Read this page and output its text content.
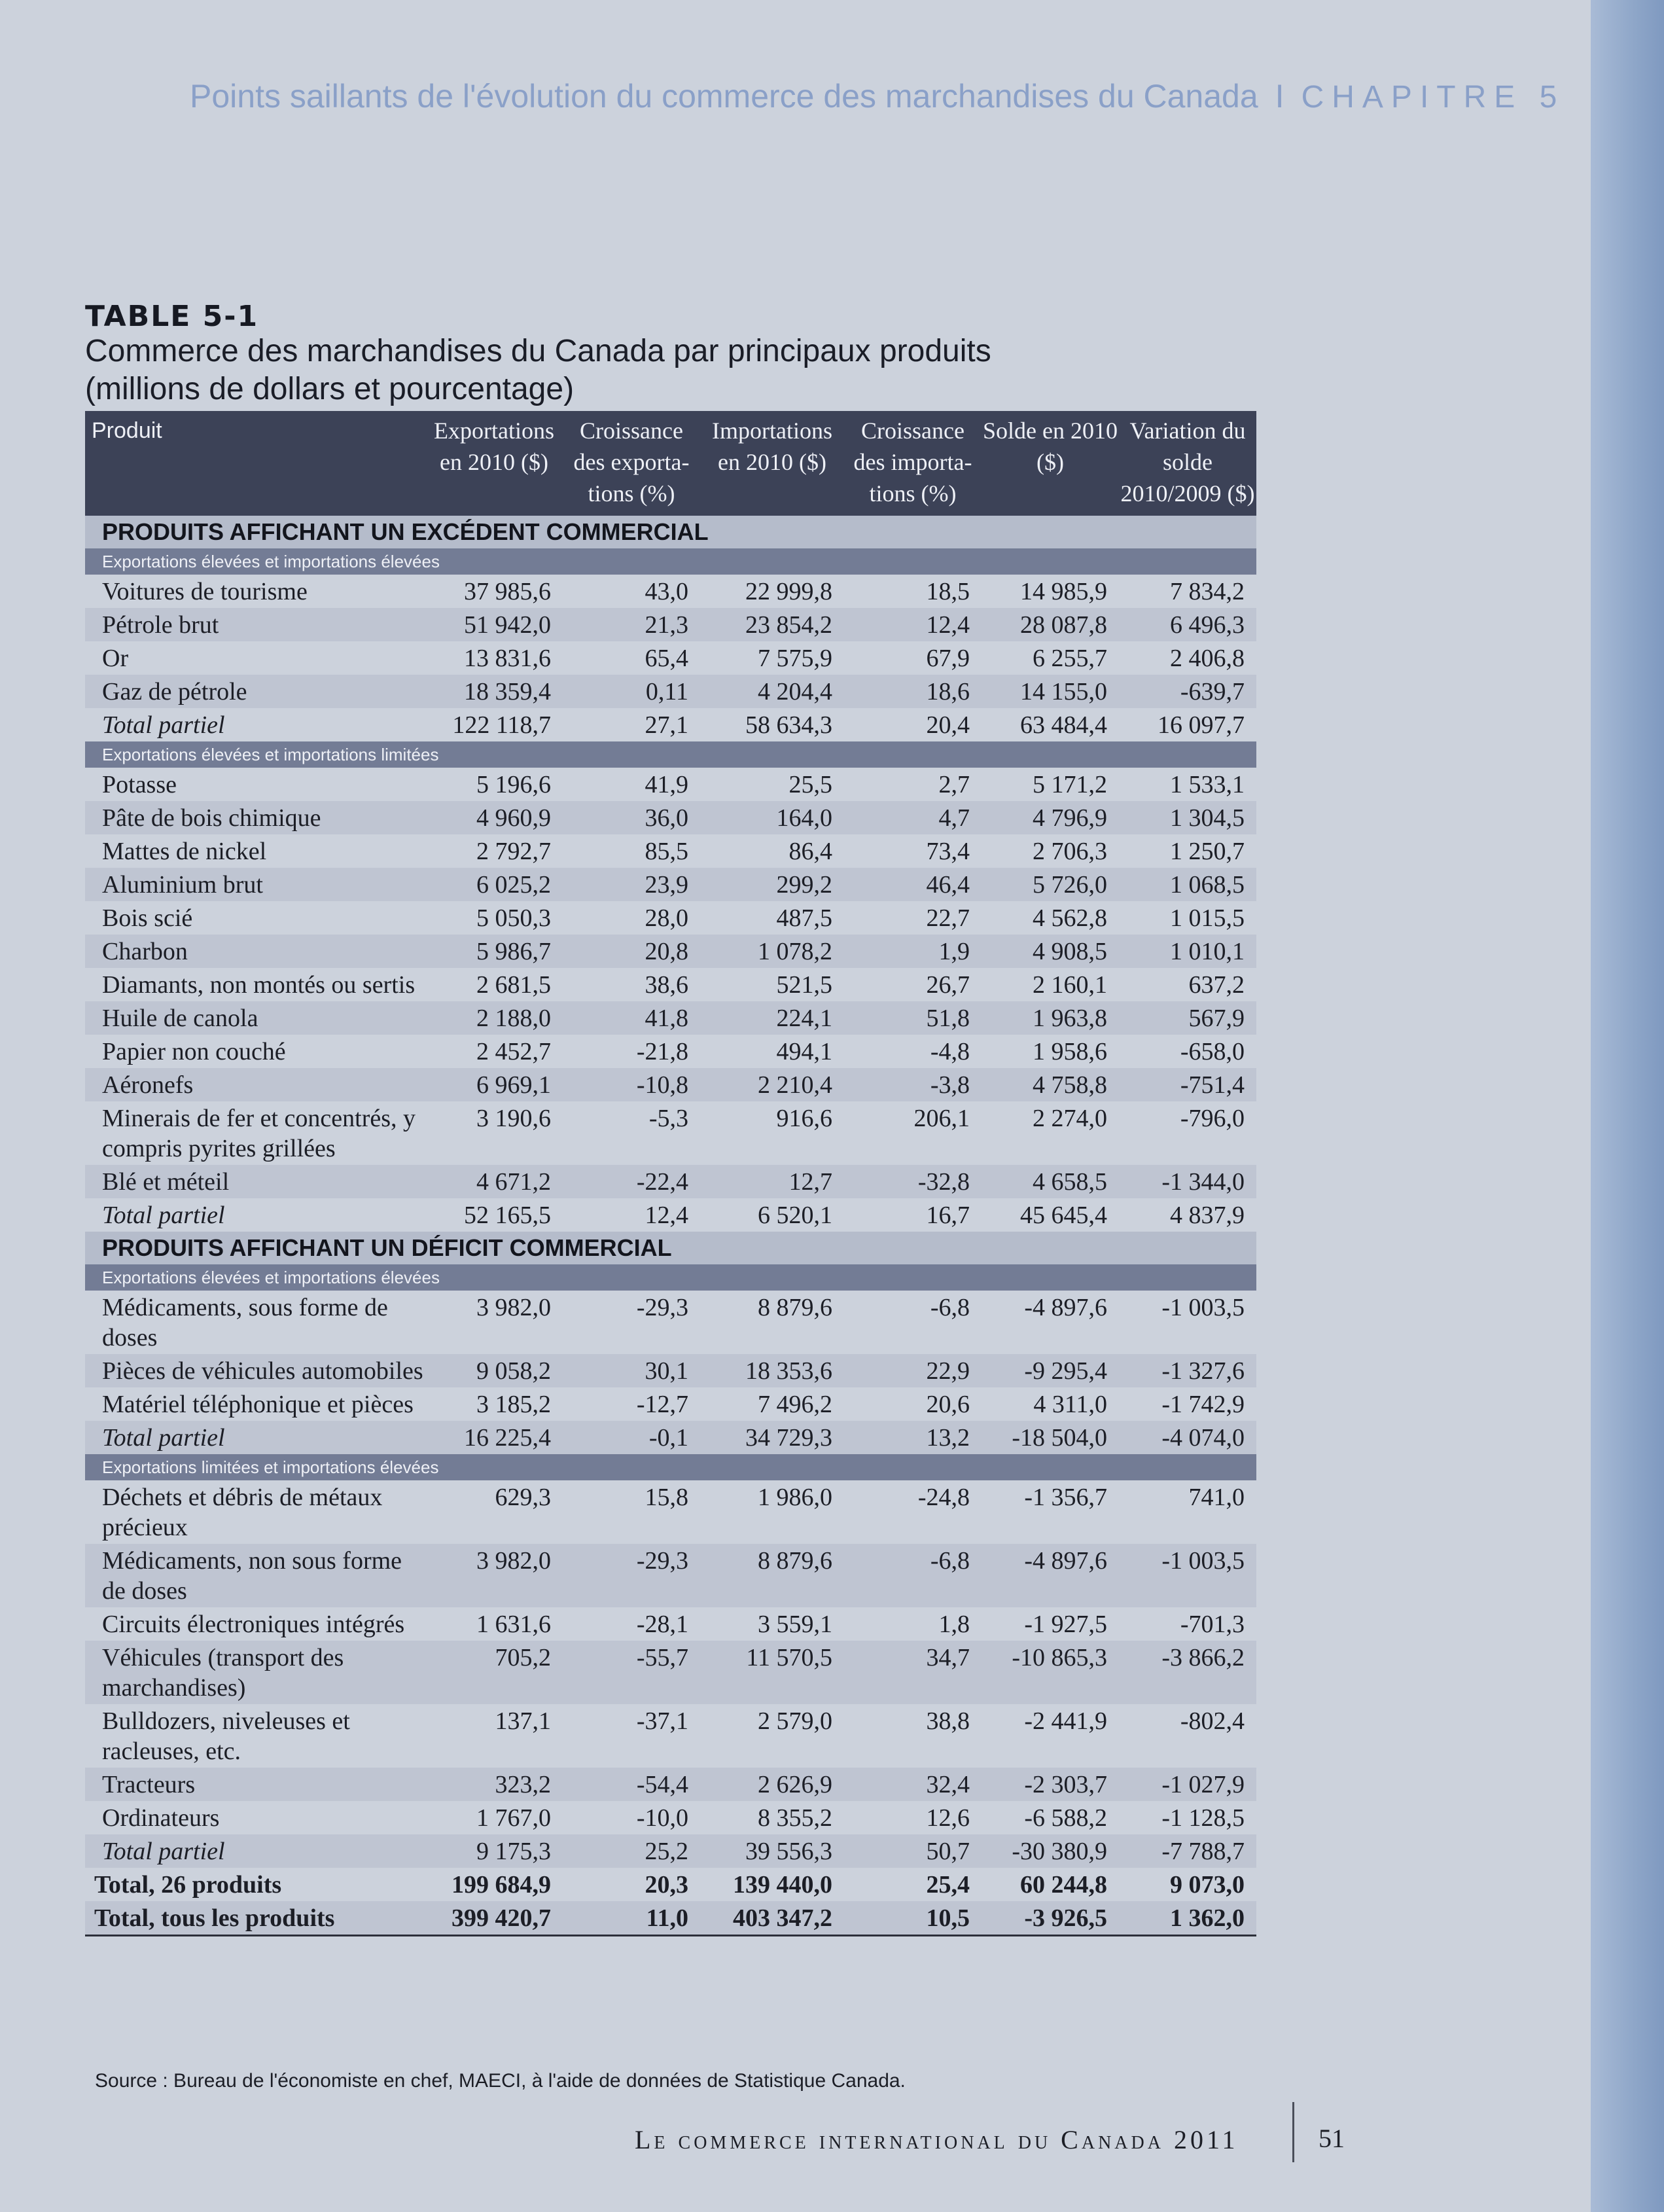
Points saillants de l'évolution du commerce des marchandises du Canada I CHAPITRE 5
TABLE 5-1
Commerce des marchandises du Canada par principaux produits
(millions de dollars et pourcentage)
Produit	Exportations en 2010 ($)	Croissance des exporta- tions (%)	Importations en 2010 ($)	Croissance des importa- tions (%)	Solde en 2010 ($)	Variation du solde 2010/2009 ($)
PRODUITS AFFICHANT UN EXCÉDENT COMMERCIAL						
Exportations élevées et importations élevées						
Voitures de tourisme	37 985,6	43,0	22 999,8	18,5	14 985,9	7 834,2
Pétrole brut	51 942,0	21,3	23 854,2	12,4	28 087,8	6 496,3
Or	13 831,6	65,4	7 575,9	67,9	6 255,7	2 406,8
Gaz de pétrole	18 359,4	0,11	4 204,4	18,6	14 155,0	-639,7
Total partiel	122 118,7	27,1	58 634,3	20,4	63 484,4	16 097,7
Exportations élevées et importations limitées						
Potasse	5 196,6	41,9	25,5	2,7	5 171,2	1 533,1
Pâte de bois chimique	4 960,9	36,0	164,0	4,7	4 796,9	1 304,5
Mattes de nickel	2 792,7	85,5	86,4	73,4	2 706,3	1 250,7
Aluminium brut	6 025,2	23,9	299,2	46,4	5 726,0	1 068,5
Bois scié	5 050,3	28,0	487,5	22,7	4 562,8	1 015,5
Charbon	5 986,7	20,8	1 078,2	1,9	4 908,5	1 010,1
Diamants, non montés ou sertis	2 681,5	38,6	521,5	26,7	2 160,1	637,2
Huile de canola	2 188,0	41,8	224,1	51,8	1 963,8	567,9
Papier non couché	2 452,7	-21,8	494,1	-4,8	1 958,6	-658,0
Aéronefs	6 969,1	-10,8	2 210,4	-3,8	4 758,8	-751,4
Minerais de fer et concentrés, y compris pyrites grillées	3 190,6	-5,3	916,6	206,1	2 274,0	-796,0
Blé et méteil	4 671,2	-22,4	12,7	-32,8	4 658,5	-1 344,0
Total partiel	52 165,5	12,4	6 520,1	16,7	45 645,4	4 837,9
PRODUITS AFFICHANT UN DÉFICIT COMMERCIAL						
Exportations élevées et importations élevées						
Médicaments, sous forme de doses	3 982,0	-29,3	8 879,6	-6,8	-4 897,6	-1 003,5
Pièces de véhicules automobiles	9 058,2	30,1	18 353,6	22,9	-9 295,4	-1 327,6
Matériel téléphonique et pièces	3 185,2	-12,7	7 496,2	20,6	4 311,0	-1 742,9
Total partiel	16 225,4	-0,1	34 729,3	13,2	-18 504,0	-4 074,0
Exportations limitées et importations élevées						
Déchets et débris de métaux précieux	629,3	15,8	1 986,0	-24,8	-1 356,7	741,0
Médicaments, non sous forme de doses	3 982,0	-29,3	8 879,6	-6,8	-4 897,6	-1 003,5
Circuits électroniques intégrés	1 631,6	-28,1	3 559,1	1,8	-1 927,5	-701,3
Véhicules (transport des marchandises)	705,2	-55,7	11 570,5	34,7	-10 865,3	-3 866,2
Bulldozers, niveleuses et racleuses, etc.	137,1	-37,1	2 579,0	38,8	-2 441,9	-802,4
Tracteurs	323,2	-54,4	2 626,9	32,4	-2 303,7	-1 027,9
Ordinateurs	1 767,0	-10,0	8 355,2	12,6	-6 588,2	-1 128,5
Total partiel	9 175,3	25,2	39 556,3	50,7	-30 380,9	-7 788,7
Total, 26 produits	199 684,9	20,3	139 440,0	25,4	60 244,8	9 073,0
Total, tous les produits	399 420,7	11,0	403 347,2	10,5	-3 926,5	1 362,0
Source : Bureau de l'économiste en chef, MAECI, à l'aide de données de Statistique Canada.
Le commerce international du Canada 2011	51
